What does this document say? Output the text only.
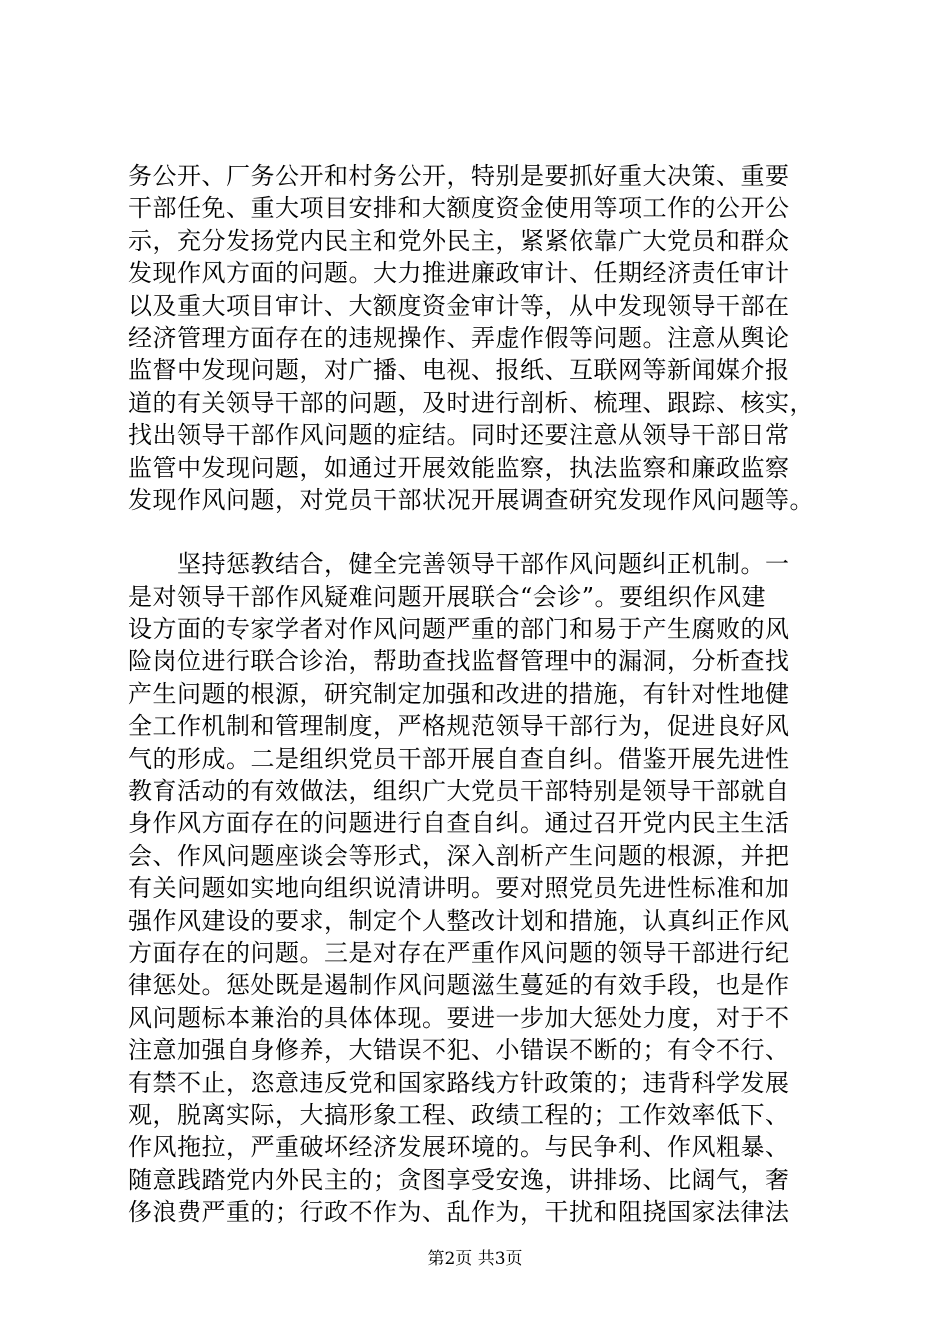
务公开、厂务公开和村务公开，特别是要抓好重大决策、重要
干部任免、重大项目安排和大额度资金使用等项工作的公开公
示，充分发扬党内民主和党外民主，紧紧依靠广大党员和群众
发现作风方面的问题。大力推进廉政审计、任期经济责任审计
以及重大项目审计、大额度资金审计等，从中发现领导干部在
经济管理方面存在的违规操作、弄虚作假等问题。注意从舆论
监督中发现问题，对广播、电视、报纸、互联网等新闻媒介报
道的有关领导干部的问题，及时进行剖析、梳理、跟踪、核实，
找出领导干部作风问题的症结。同时还要注意从领导干部日常
监管中发现问题，如通过开展效能监察，执法监察和廉政监察
发现作风问题，对党员干部状况开展调查研究发现作风问题等。
　　坚持惩教结合，健全完善领导干部作风问题纠正机制。一
是对领导干部作风疑难问题开展联合“会诊”。要组织作风建
设方面的专家学者对作风问题严重的部门和易于产生腐败的风
险岗位进行联合诊治，帮助查找监督管理中的漏洞，分析查找
产生问题的根源，研究制定加强和改进的措施，有针对性地健
全工作机制和管理制度，严格规范领导干部行为，促进良好风
气的形成。二是组织党员干部开展自查自纠。借鉴开展先进性
教育活动的有效做法，组织广大党员干部特别是领导干部就自
身作风方面存在的问题进行自查自纠。通过召开党内民主生活
会、作风问题座谈会等形式，深入剖析产生问题的根源，并把
有关问题如实地向组织说清讲明。要对照党员先进性标准和加
强作风建设的要求，制定个人整改计划和措施，认真纠正作风
方面存在的问题。三是对存在严重作风问题的领导干部进行纪
律惩处。惩处既是遏制作风问题滋生蔓延的有效手段，也是作
风问题标本兼治的具体体现。要进一步加大惩处力度，对于不
注意加强自身修养，大错误不犯、小错误不断的；有令不行、
有禁不止，恣意违反党和国家路线方针政策的；违背科学发展
观，脱离实际，大搞形象工程、政绩工程的；工作效率低下、
作风拖拉，严重破坏经济发展环境的。与民争利、作风粗暴、
随意践踏党内外民主的；贪图享受安逸，讲排场、比阔气，奢
侈浪费严重的；行政不作为、乱作为，干扰和阻挠国家法律法
第2页 共3页
